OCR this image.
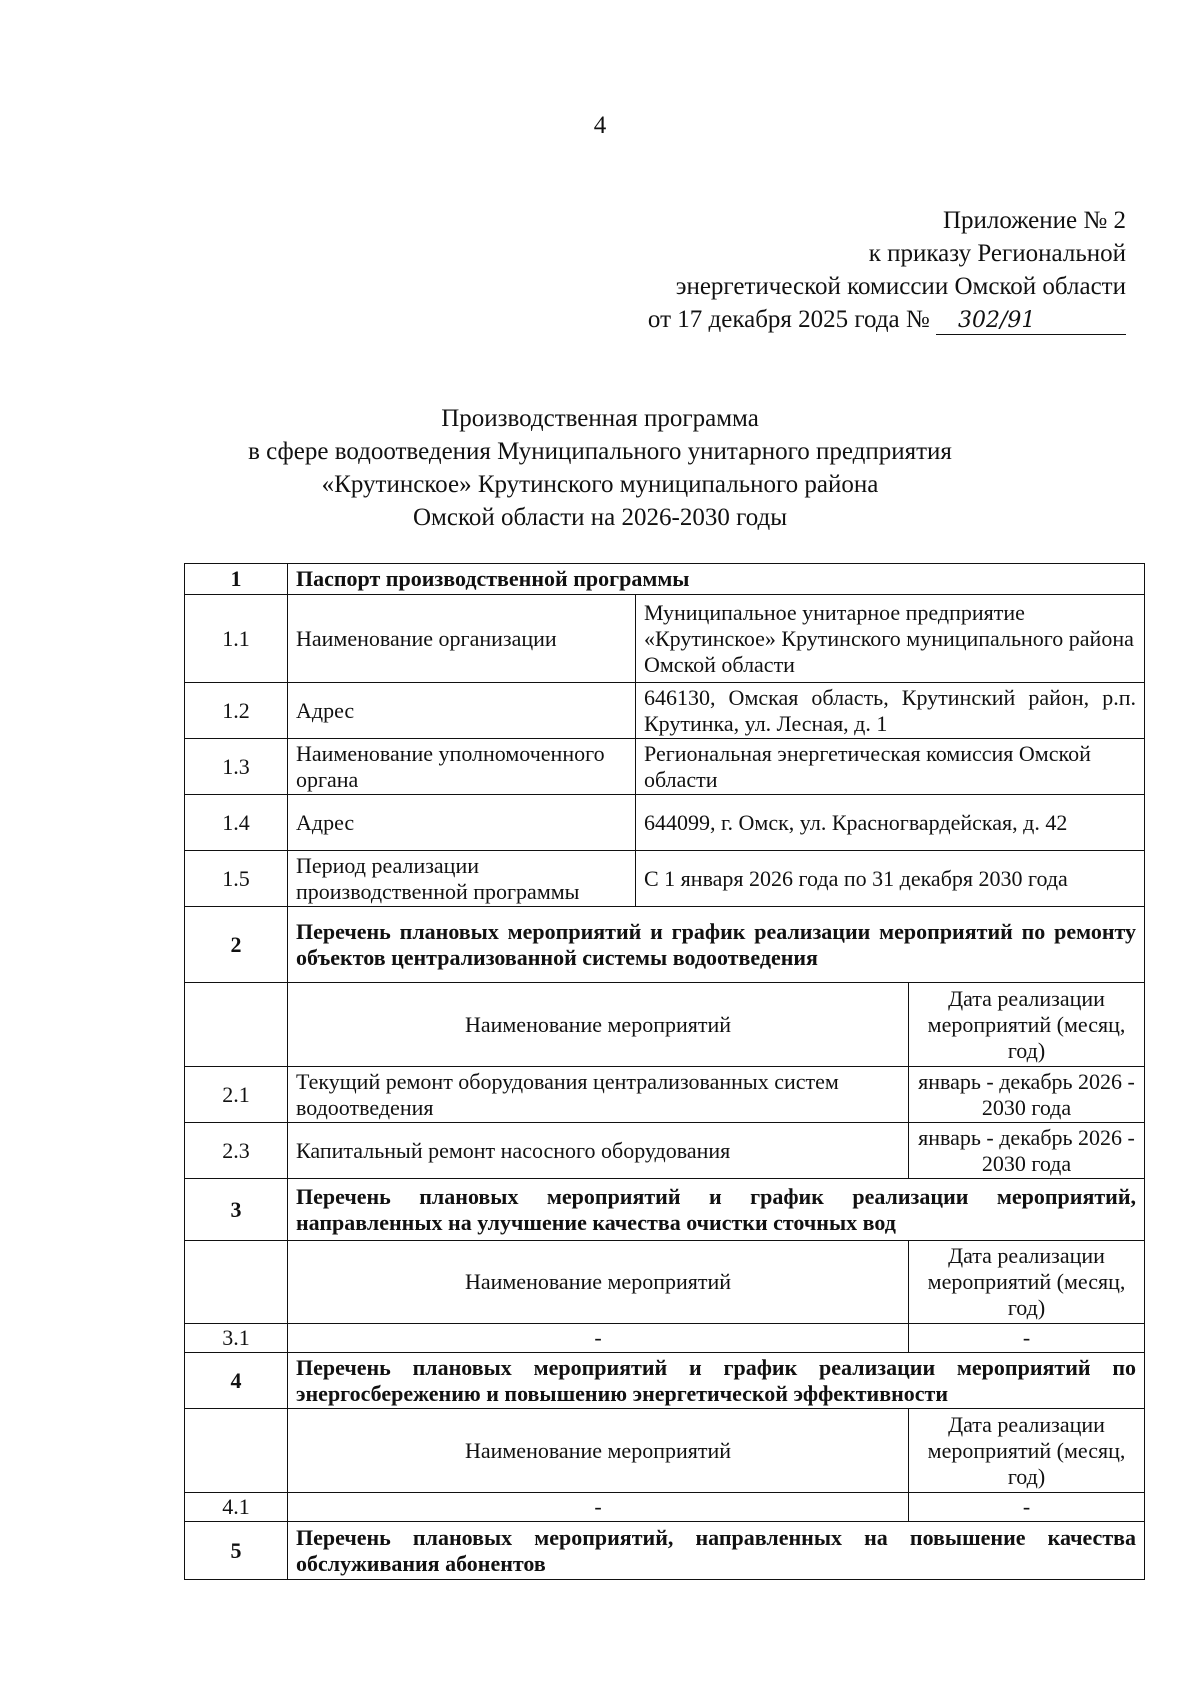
4
Приложение № 2
к приказу Региональной
энергетической комиссии Омской области
от 17 декабря 2025 года № 302/91
Производственная программа
в сфере водоотведения Муниципального унитарного предприятия
«Крутинское» Крутинского муниципального района
Омской области на 2026-2030 годы
1	Паспорт производственной программы		
1.1	Наименование организации	Муниципальное унитарное предприятие «Крутинское» Крутинского муниципального района Омской области	
1.2	Адрес	646130, Омская область, Крутинский район, р.п. Крутинка, ул. Лесная, д. 1	
1.3	Наименование уполномоченного органа	Региональная энергетическая комиссия Омской области	
1.4	Адрес	644099, г. Омск, ул. Красногвардейская, д. 42	
1.5	Период реализации производственной программы	С 1 января 2026 года по 31 декабря 2030 года	
2	Перечень плановых мероприятий и график реализации мероприятий по ремонту объектов централизованной системы водоотведения		
	Наименование мероприятий		Дата реализации мероприятий (месяц, год)
2.1	Текущий ремонт оборудования централизованных систем водоотведения		январь - декабрь 2026 - 2030 года
2.3	Капитальный ремонт насосного оборудования		январь - декабрь 2026 - 2030 года
3	Перечень плановых мероприятий и график реализации мероприятий, направленных на улучшение качества очистки сточных вод		
	Наименование мероприятий		Дата реализации мероприятий (месяц, год)
3.1	-		-
4	Перечень плановых мероприятий и график реализации мероприятий по энергосбережению и повышению энергетической эффективности		
	Наименование мероприятий		Дата реализации мероприятий (месяц, год)
4.1	-		-
5	Перечень плановых мероприятий, направленных на повышение качества обслуживания абонентов		
